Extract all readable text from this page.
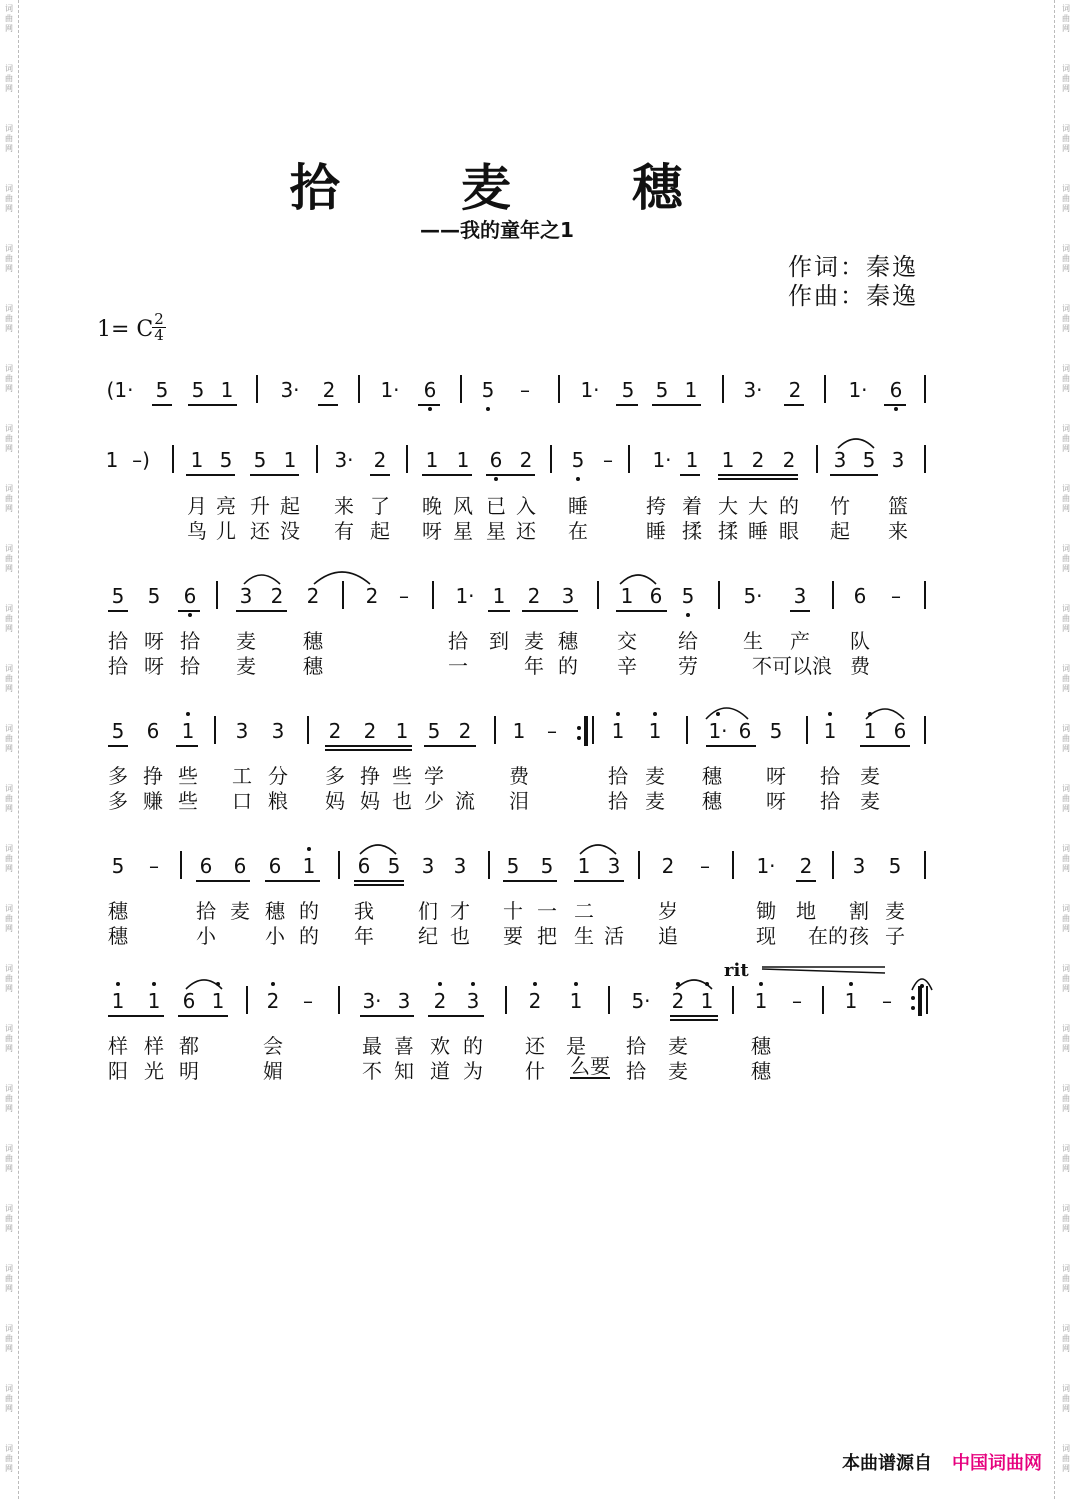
词曲网
词曲网
词曲网
词曲网
词曲网
词曲网
词曲网
词曲网
词曲网
词曲网
词曲网
词曲网
词曲网
词曲网
词曲网
词曲网
词曲网
词曲网
词曲网
词曲网
词曲网
词曲网
词曲网
词曲网
词曲网
词曲网
词曲网
词曲网
词曲网
词曲网
词曲网
词曲网
词曲网
词曲网
词曲网
词曲网
词曲网
词曲网
词曲网
词曲网
词曲网
词曲网
词曲网
词曲网
词曲网
词曲网
词曲网
词曲网
词曲网
词曲网
拾 麦 穗
——我的童年之1
作词：秦逸
作曲：秦逸
1= C 2
4
rit
(1·	5 5 1	3·	2	1·	6 5	–	1·	5 5 1	3·	2	1·	6
1 –)	1 5 5 1	3·	2 1 1 6 2 5 –	1· 1 1 2 2 3 5 3
5 5 6 3 2 2 2	–	1· 1 2 3 1 6 5	5·	3 6	–
5 6 1 3 3 2 2 1 5 2 1	–	1 1	1· 6 5 1 1 6
5	–	6 6 6 1 6 5 3 3 5 5 1 3 2	–	1·	2 3 5
1 1 6 1 2	–	3· 3 2 3 2 1	5·	2 1 1	–	1	–
月 亮 升 起 来 了 晚 风 已 入 睡	挎 着 大 大 的 竹 篮
鸟 儿 还 没 有 起 呀 星 星 还 在	睡 揉 揉 睡 眼 起 来
拾 呀 拾 麦 穗	拾 到 麦 穗 交 给 生 产 队
拾 呀 拾 麦 穗	一	年 的 辛 劳	不可以浪 费
多 挣 些 工 分 多 挣 些 学	费	拾 麦 穗 呀 拾 麦
多 赚 些 口 粮 妈 妈 也 少 流 泪	拾 麦 穗 呀 拾 麦
穗	拾 麦 穗 的 我 们 才 十 一 二	岁	锄 地 割 麦
穗	小 小 的 年 纪 也 要 把 生 活 追	现 在的 孩 子
样 样 都	会	最 喜 欢 的 还 是 拾 麦	穗
阳 光 明	媚	不 知 道 为 什 么要 拾 麦	穗
本曲谱源自 中国词曲网
